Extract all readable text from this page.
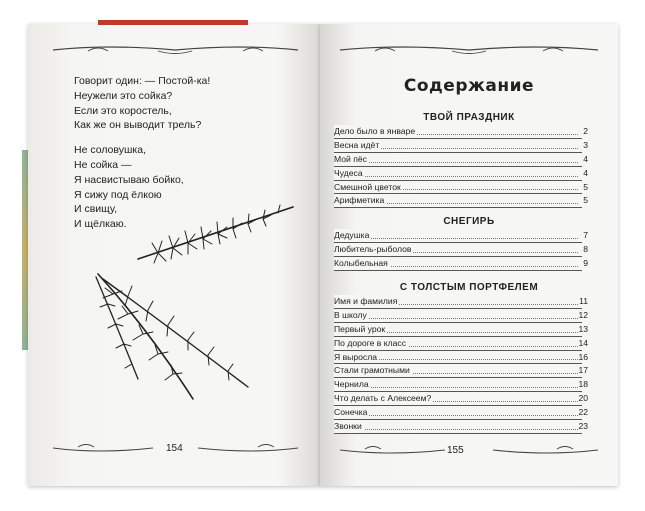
Говорит один: — Постой-ка!
Неужели это сойка?
Если это коростель,
Как же он выводит трель?
Не соловушка,
Не сойка —
Я насвистываю бойко,
Я сижу под ёлкою
И свищу,
И щёлкаю.
154
Содержание
ТВОЙ ПРАЗДНИК
Дело было в январе	2
Весна идёт	3
Мой пёс	4
Чудеса	4
Смешной цветок	5
Арифметика	5
СНЕГИРЬ
Дедушка	7
Любитель-рыболов	8
Колыбельная	9
С ТОЛСТЫМ ПОРТФЕЛЕМ
Имя и фамилия	11
В школу	12
Первый урок	13
По дороге в класс	14
Я выросла	16
Стали грамотными	17
Чернила	18
Что делать с Алексеем?	20
Сонечка	22
Звонки	23
155
